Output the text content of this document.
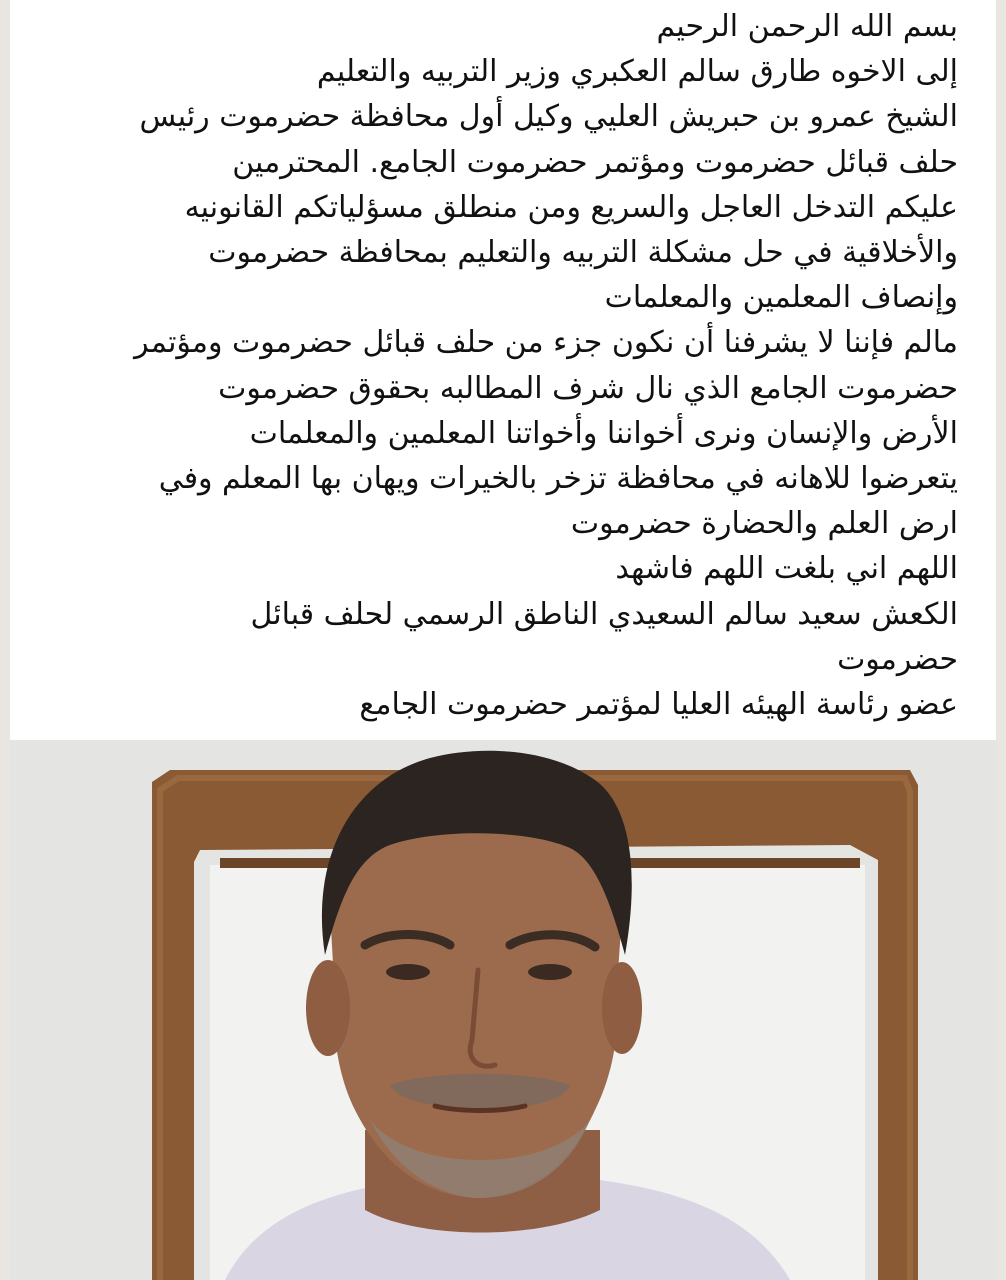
بسم الله الرحمن الرحيم
إلى الاخوه طارق سالم العكبري وزير التربيه والتعليم
الشيخ عمرو بن حبريش العليي وكيل أول محافظة حضرموت رئيس
حلف قبائل حضرموت ومؤتمر حضرموت الجامع. المحترمين
عليكم التدخل العاجل والسريع ومن منطلق مسؤلياتكم القانونيه
والأخلاقية في حل مشكلة التربيه والتعليم بمحافظة حضرموت
وإنصاف المعلمين والمعلمات
مالم فإننا لا يشرفنا أن نكون جزء من حلف قبائل حضرموت ومؤتمر
حضرموت الجامع الذي نال شرف المطالبه بحقوق حضرموت
الأرض والإنسان ونرى أخواننا وأخواتنا المعلمين والمعلمات
يتعرضوا للاهانه في محافظة تزخر بالخيرات ويهان بها المعلم وفي
ارض العلم والحضارة حضرموت
اللهم اني بلغت اللهم فاشهد
الكعش سعيد سالم السعيدي الناطق الرسمي لحلف قبائل
حضرموت
عضو رئاسة الهيئه العليا لمؤتمر حضرموت الجامع
